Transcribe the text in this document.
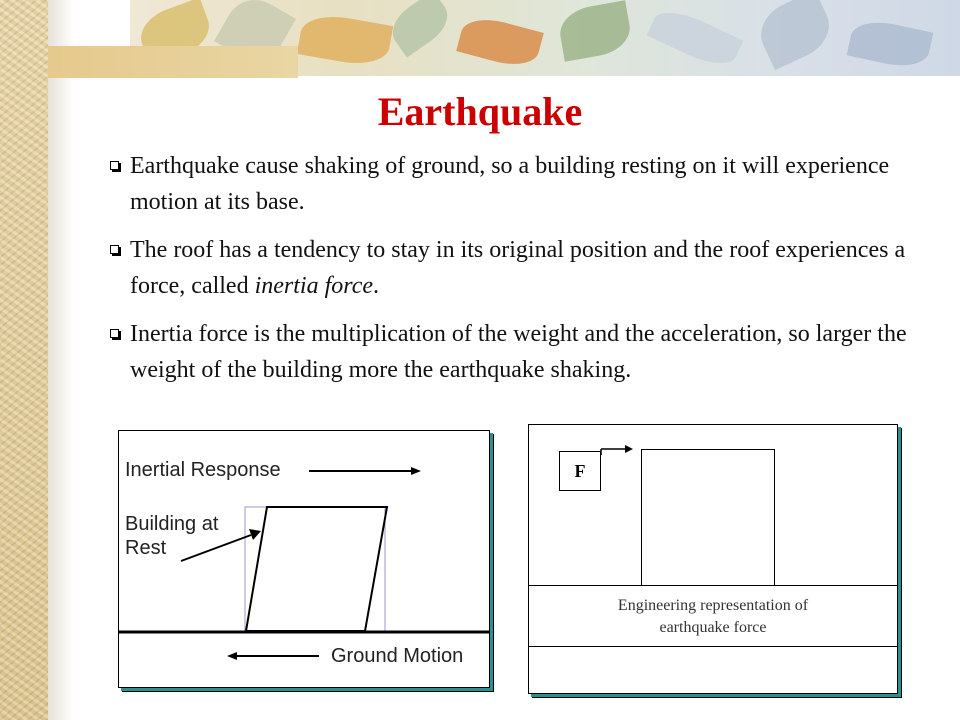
Earthquake
Earthquake cause shaking of ground, so a building resting on it will experience motion at its base.
The roof has a tendency to stay in its original position and the roof experiences a force, called inertia force.
Inertia force is the multiplication of the weight and the acceleration, so larger the weight of the building more the earthquake shaking.
Inertial Response
Building at
Rest
Ground Motion
F
Engineering representation of
earthquake force
